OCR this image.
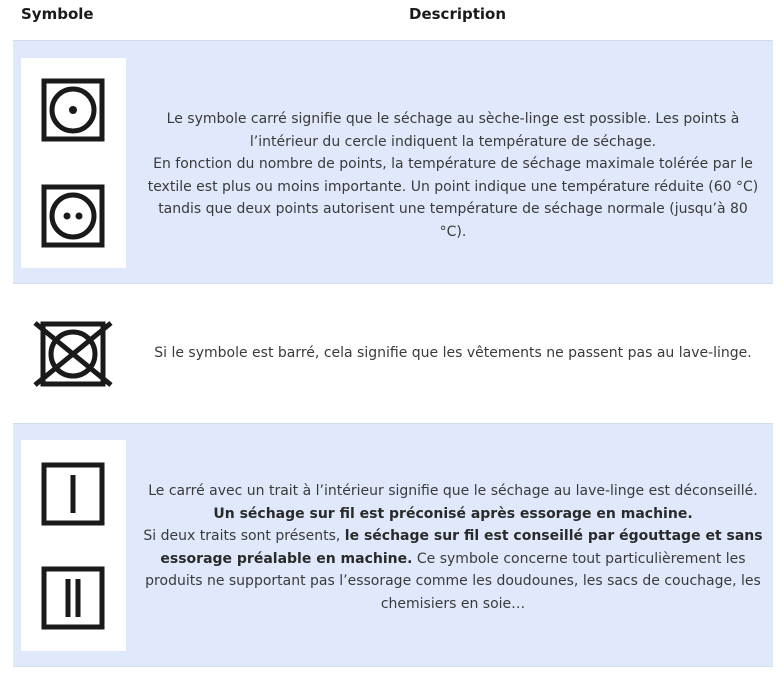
Symbole	Description
Le symbole carré signifie que le séchage au sèche-linge est possible. Les points à
l’intérieur du cercle indiquent la température de séchage.
En fonction du nombre de points, la température de séchage maximale tolérée par le
textile est plus ou moins importante. Un point indique une température réduite (60 °C)
tandis que deux points autorisent une température de séchage normale (jusqu’à 80 °C).
Si le symbole est barré, cela signifie que les vêtements ne passent pas au lave-linge.
Le carré avec un trait à l’intérieur signifie que le séchage au lave-linge est déconseillé.
Un séchage sur fil est préconisé après essorage en machine.
Si deux traits sont présents, le séchage sur fil est conseillé par égouttage et sans
essorage préalable en machine. Ce symbole concerne tout particulièrement les
produits ne supportant pas l’essorage comme les doudounes, les sacs de couchage, les
chemisiers en soie…
